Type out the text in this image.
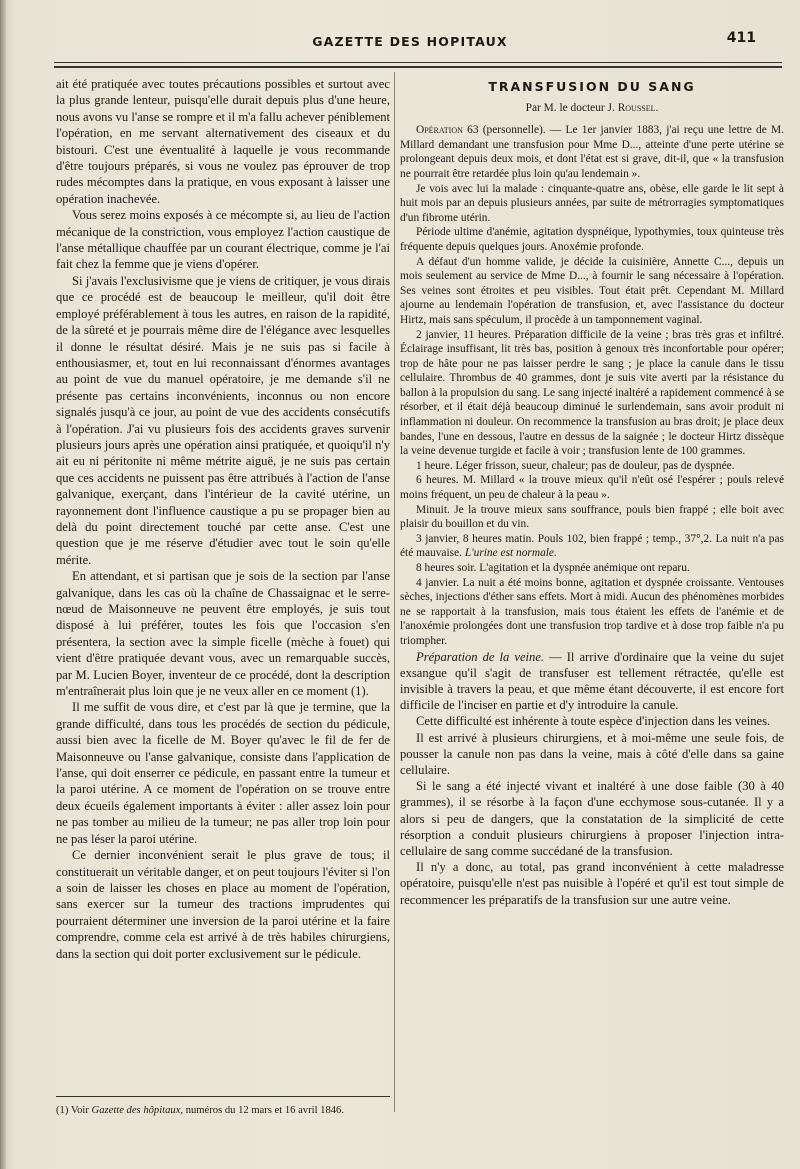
GAZETTE DES HOPITAUX	411

ait été pratiquée avec toutes précautions possibles et surtout avec la plus grande lenteur, puisqu'elle durait depuis plus d'une heure, nous avons vu l'anse se rompre et il m'a fallu achever péniblement l'opération, en me servant alternativement des ciseaux et du bistouri. C'est une éventualité à laquelle je vous recommande d'être toujours préparés, si vous ne voulez pas éprouver de trop rudes mécomptes dans la pratique, en vous exposant à laisser une opération inachevée.

Vous serez moins exposés à ce mécompte si, au lieu de l'action mécanique de la constriction, vous employez l'action caustique de l'anse métallique chauffée par un courant électrique, comme je l'ai fait chez la femme que je viens d'opérer.

Si j'avais l'exclusivisme que je viens de critiquer, je vous dirais que ce procédé est de beaucoup le meilleur, qu'il doit être employé préférablement à tous les autres, en raison de la rapidité, de la sûreté et je pourrais même dire de l'élégance avec lesquelles il donne le résultat désiré. Mais je ne suis pas si facile à enthousiasmer, et, tout en lui reconnaissant d'énormes avantages au point de vue du manuel opératoire, je me demande s'il ne présente pas certains inconvénients, inconnus ou non encore signalés jusqu'à ce jour, au point de vue des accidents consécutifs à l'opération. J'ai vu plusieurs fois des accidents graves survenir plusieurs jours après une opération ainsi pratiquée, et quoiqu'il n'y ait eu ni péritonite ni même métrite aiguë, je ne suis pas certain que ces accidents ne puissent pas être attribués à l'action de l'anse galvanique, exerçant, dans l'intérieur de la cavité utérine, un rayonnement dont l'influence caustique a pu se propager bien au delà du point directement touché par cette anse. C'est une question que je me réserve d'étudier avec tout le soin qu'elle mérite.

En attendant, et si partisan que je sois de la section par l'anse galvanique, dans les cas où la chaîne de Chassaignac et le serre-nœud de Maisonneuve ne peuvent être employés, je suis tout disposé à lui préférer, toutes les fois que l'occasion s'en présentera, la section avec la simple ficelle (mèche à fouet) qui vient d'être pratiquée devant vous, avec un remarquable succès, par M. Lucien Boyer, inventeur de ce procédé, dont la description m'entraînerait plus loin que je ne veux aller en ce moment (1).

Il me suffit de vous dire, et c'est par là que je termine, que la grande difficulté, dans tous les procédés de section du pédicule, aussi bien avec la ficelle de M. Boyer qu'avec le fil de fer de Maisonneuve ou l'anse galvanique, consiste dans l'application de l'anse, qui doit enserrer ce pédicule, en passant entre la tumeur et la paroi utérine. A ce moment de l'opération on se trouve entre deux écueils également importants à éviter : aller assez loin pour ne pas tomber au milieu de la tumeur; ne pas aller trop loin pour ne pas léser la paroi utérine.

Ce dernier inconvénient serait le plus grave de tous; il constituerait un véritable danger, et on peut toujours l'éviter si l'on a soin de laisser les choses en place au moment de l'opération, sans exercer sur la tumeur des tractions imprudentes qui pourraient déterminer une inversion de la paroi utérine et la faire comprendre, comme cela est arrivé à de très habiles chirurgiens, dans la section qui doit porter exclusivement sur le pédicule.

(1) Voir Gazette des hôpitaux, numéros du 12 mars et 16 avril 1846.
TRANSFUSION DU SANG
Par M. le docteur J. Roussel.

Opération 63 (personnelle). — Le 1er janvier 1883, j'ai reçu une lettre de M. Millard demandant une transfusion pour Mme D..., atteinte d'une perte utérine se prolongeant depuis deux mois, et dont l'état est si grave, dit-il, que « la transfusion ne pourrait être retardée plus loin qu'au lendemain ».

Je vois avec lui la malade : cinquante-quatre ans, obèse, elle garde le lit sept à huit mois par an depuis plusieurs années, par suite de métrorragies symptomatiques d'un fibrome utérin.

Période ultime d'anémie, agitation dyspnéique, lypothymies, toux quinteuse très fréquente depuis quelques jours. Anoxémie profonde.

A défaut d'un homme valide, je décide la cuisinière, Annette C..., depuis un mois seulement au service de Mme D..., à fournir le sang nécessaire à l'opération. Ses veines sont étroites et peu visibles. Tout était prêt. Cependant M. Millard ajourne au lendemain l'opération de transfusion, et, avec l'assistance du docteur Hirtz, mais sans spéculum, il procède à un tamponnement vaginal.

2 janvier, 11 heures. Préparation difficile de la veine ; bras très gras et infiltré. Éclairage insuffisant, lit très bas, position à genoux très inconfortable pour opérer; trop de hâte pour ne pas laisser perdre le sang ; je place la canule dans le tissu cellulaire. Thrombus de 40 grammes, dont je suis vite averti par la résistance du ballon à la propulsion du sang. Le sang injecté inaltéré a rapidement commencé à se résorber, et il était déjà beaucoup diminué le surlendemain, sans avoir produit ni inflammation ni douleur. On recommence la transfusion au bras droit; je place deux bandes, l'une en dessous, l'autre en dessus de la saignée ; le docteur Hirtz dissèque la veine devenue turgide et facile à voir ; transfusion lente de 100 grammes.

1 heure. Léger frisson, sueur, chaleur; pas de douleur, pas de dyspnée.

6 heures. M. Millard « la trouve mieux qu'il n'eût osé l'espérer ; pouls relevé moins fréquent, un peu de chaleur à la peau ».

Minuit. Je la trouve mieux sans souffrance, pouls bien frappé ; elle boit avec plaisir du bouillon et du vin.

3 janvier, 8 heures matin. Pouls 102, bien frappé ; temp., 37°,2. La nuit n'a pas été mauvaise. L'urine est normale.

8 heures soir. L'agitation et la dyspnée anémique ont reparu.

4 janvier. La nuit a été moins bonne, agitation et dyspnée croissante. Ventouses sèches, injections d'éther sans effets. Mort à midi. Aucun des phénomènes morbides ne se rapportait à la transfusion, mais tous étaient les effets de l'anémie et de l'anoxémie prolongées dont une transfusion trop tardive et à dose trop faible n'a pu triompher.

Préparation de la veine. — Il arrive d'ordinaire que la veine du sujet exsangue qu'il s'agit de transfuser est tellement rétractée, qu'elle est invisible à travers la peau, et que même étant découverte, il est encore fort difficile de l'inciser en partie et d'y introduire la canule.

Cette difficulté est inhérente à toute espèce d'injection dans les veines.

Il est arrivé à plusieurs chirurgiens, et à moi-même une seule fois, de pousser la canule non pas dans la veine, mais à côté d'elle dans sa gaine cellulaire.

Si le sang a été injecté vivant et inaltéré à une dose faible (30 à 40 grammes), il se résorbe à la façon d'une ecchymose sous-cutanée. Il y a alors si peu de dangers, que la constatation de la simplicité de cette résorption a conduit plusieurs chirurgiens à proposer l'injection intra-cellulaire de sang comme succédané de la transfusion.

Il n'y a donc, au total, pas grand inconvénient à cette maladresse opératoire, puisqu'elle n'est pas nuisible à l'opéré et qu'il est tout simple de recommencer les préparatifs de la transfusion sur une autre veine.
